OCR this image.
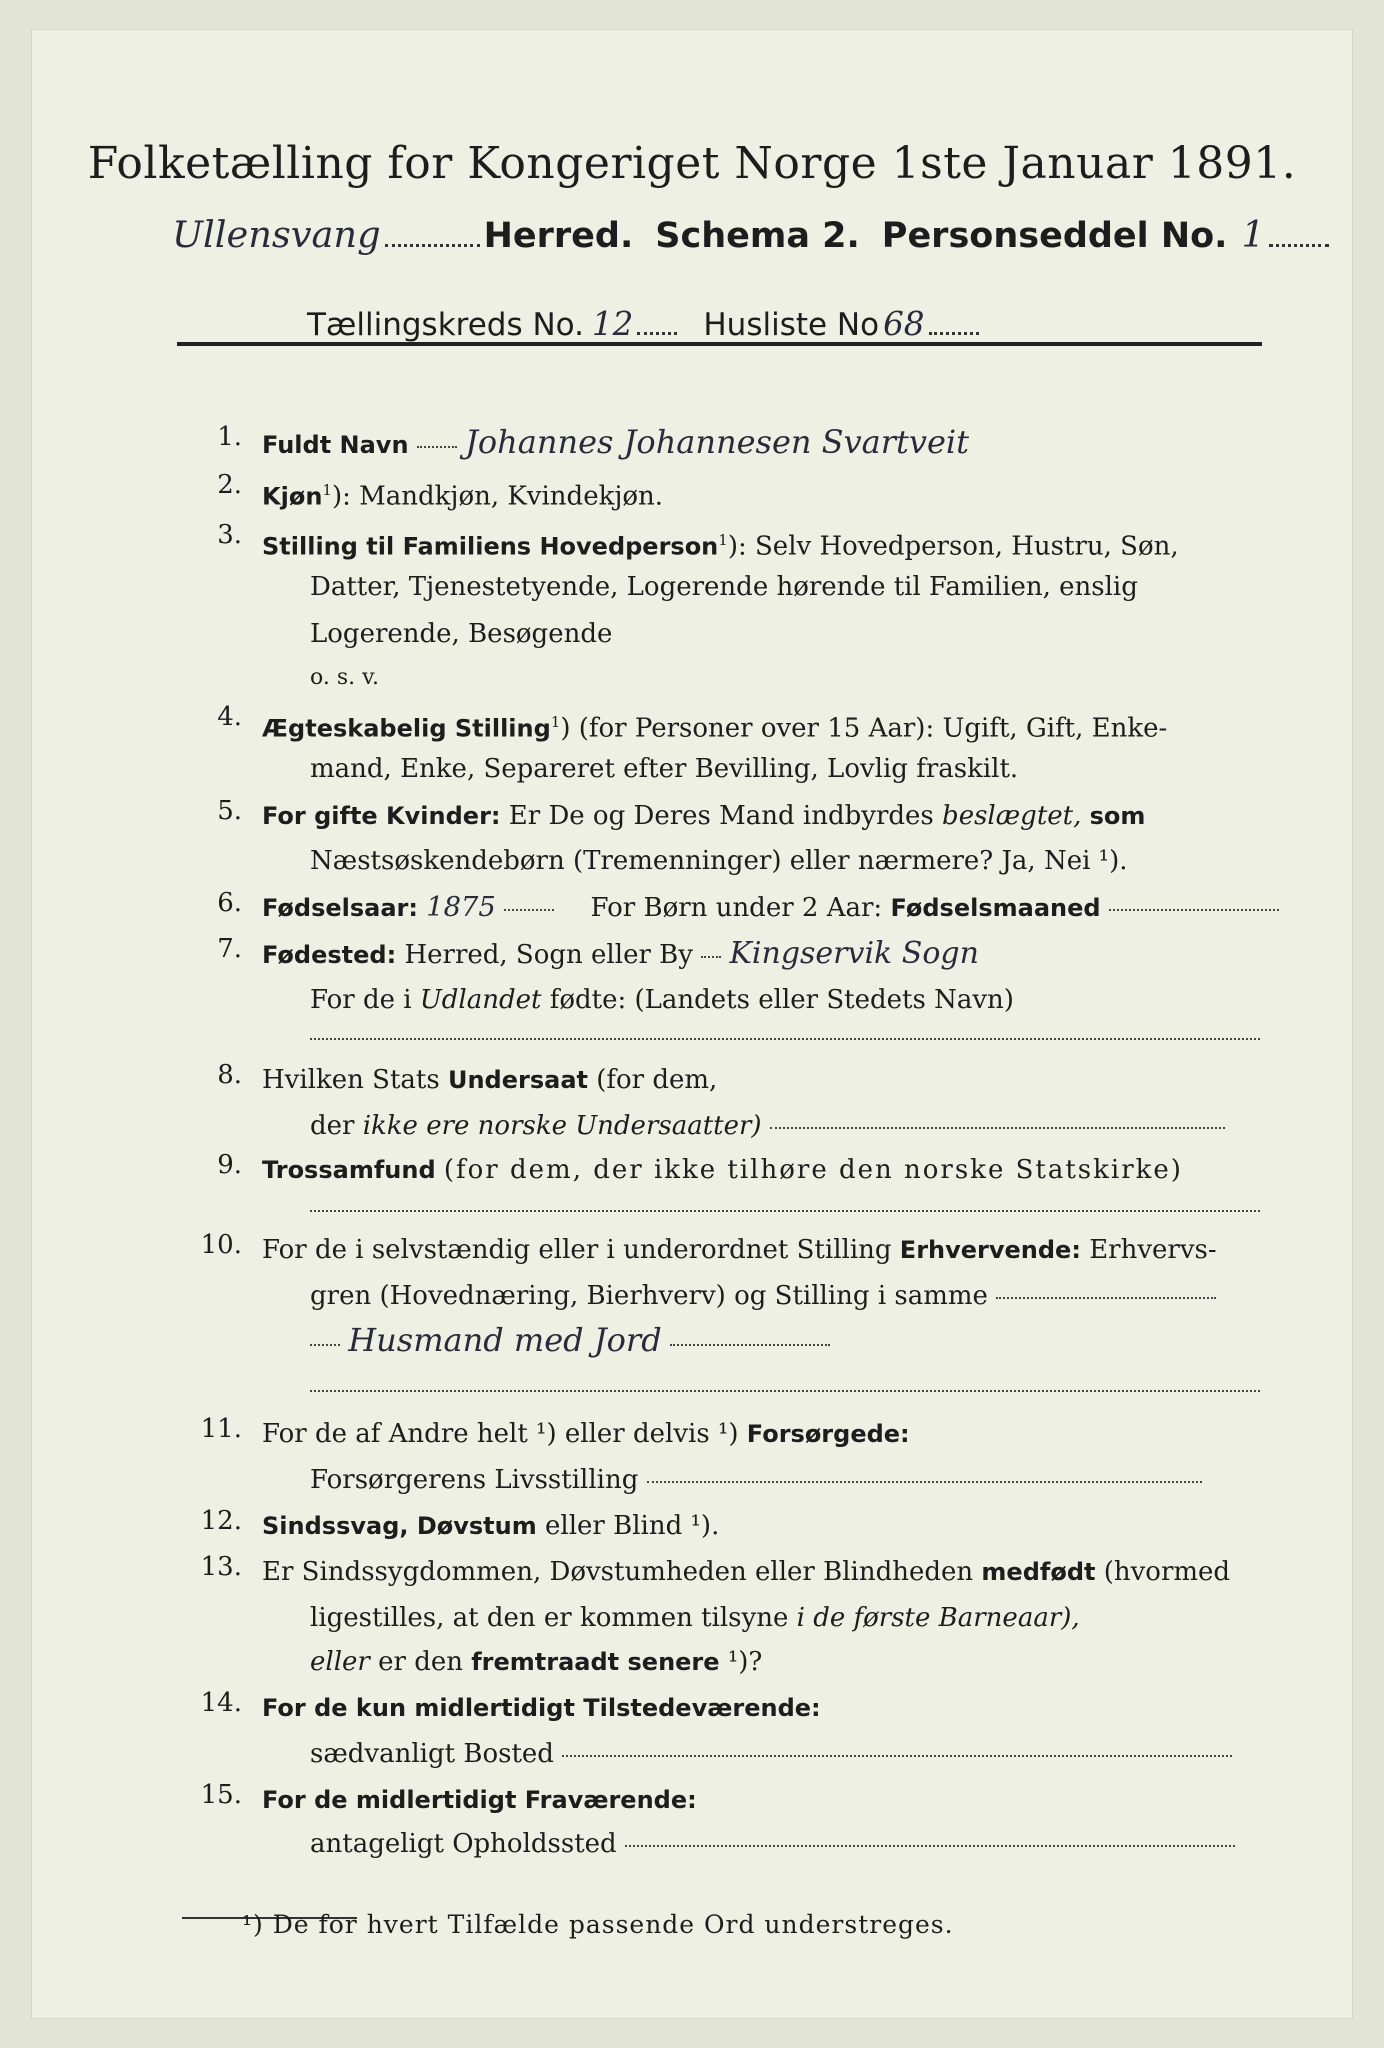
Folketælling for Kongeriget Norge 1ste Januar 1891.
Ullensvang	Herred. Schema 2. Personseddel No. 1
Tællingskreds No. 12 Husliste No 68
1. Fuldt Navn Johannes Johannesen Svartveit
2. Kjøn$^1$): Mandkjøn, Kvindekjøn.
3. Stilling til Familiens Hovedperson$^1$): Selv Hovedperson, Hustru, Søn,
Datter, Tjenestetyende, Logerende hørende til Familien, enslig
Logerende, Besøgende
o. s. v.
4. Ægteskabelig Stilling$^1$) (for Personer over 15 Aar): Ugift, Gift, Enke-
mand, Enke, Separeret efter Bevilling, Lovlig fraskilt.
5. For gifte Kvinder: Er De og Deres Mand indbyrdes beslægtet, som
Næstsøskendebørn (Tremenninger) eller nærmere? Ja, Nei ¹).
6. Fødselsaar: 1875	For Børn under 2 Aar: Fødselsmaaned
7. Fødested: Herred, Sogn eller By Kingservik Sogn
For de i Udlandet fødte: (Landets eller Stedets Navn)
8. Hvilken Stats Undersaat (for dem,
der ikke ere norske Undersaatter)
9. Trossamfund (for dem, der ikke tilhøre den norske Statskirke)
10. For de i selvstændig eller i underordnet Stilling Erhvervende: Erhvervs-
gren (Hovednæring, Bierhverv) og Stilling i samme
Husmand med Jord
11. For de af Andre helt ¹) eller delvis ¹) Forsørgede:
Forsørgerens Livsstilling
12. Sindssvag, Døvstum eller Blind ¹).
13. Er Sindssygdommen, Døvstumheden eller Blindheden medfødt (hvormed
ligestilles, at den er kommen tilsyne i de første Barneaar),
eller er den fremtraadt senere ¹)?
14. For de kun midlertidigt Tilstedeværende:
sædvanligt Bosted
15. For de midlertidigt Fraværende:
antageligt Opholdssted
¹) De for hvert Tilfælde passende Ord understreges.
